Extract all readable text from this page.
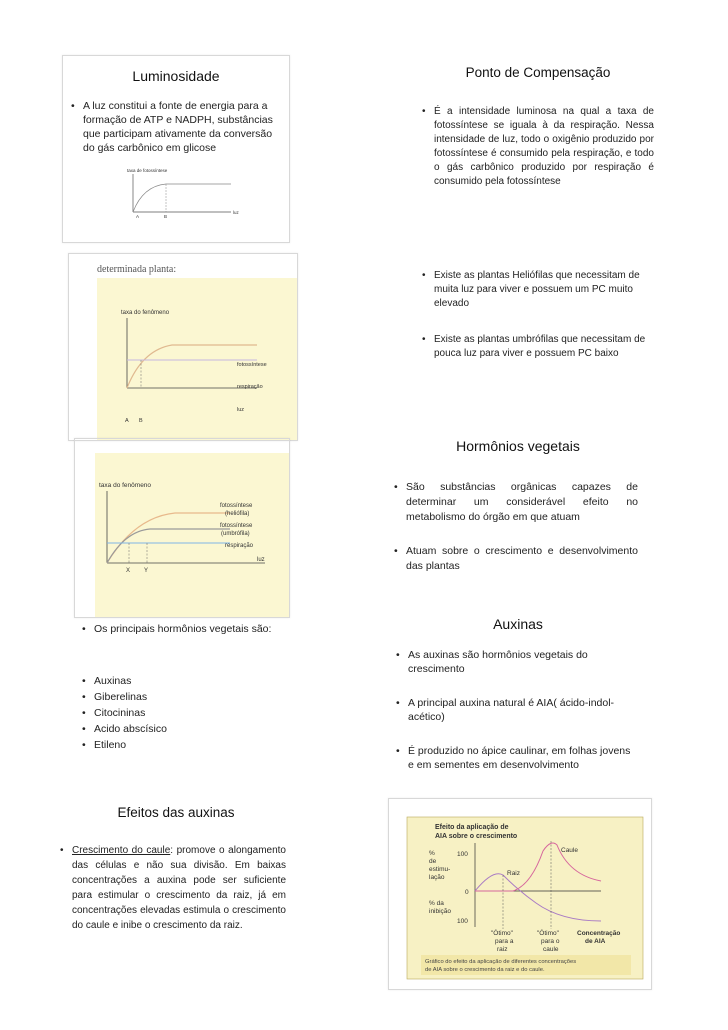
Luminosidade
• A luz constitui a fonte de energia para a formação de ATP e NADPH, substâncias que participam ativamente da conversão do gás carbônico em glicose
taxa de fotossíntese
A	B
luz
Ponto de Compensação
• É a intensidade luminosa na qual a taxa de fotossíntese se iguala à da respiração. Nessa intensidade de luz, todo o oxigênio produzido por fotossíntese é consumido pela respiração, e todo o gás carbônico produzido por respiração é consumido pela fotossíntese
determinada planta:
taxa do fenômeno
fotossíntese
respiração
luz
A B
• Existe as plantas Heliófilas que necessitam de muita luz para viver e possuem um PC muito elevado
• Existe as plantas umbrófilas que necessitam de pouca luz para viver e possuem PC baixo
taxa do fenômeno
fotossíntese
(heliófila)
fotossíntese
(umbrófila)
respiração
luz
X Y
Hormônios vegetais
• São substâncias orgânicas capazes de determinar um considerável efeito no metabolismo do órgão em que atuam
• Atuam sobre o crescimento e desenvolvimento das plantas
• Os principais hormônios vegetais são:
• Auxinas
• Giberelinas
• Citocininas
• Acido abscísico
• Etileno
Auxinas
• As auxinas são hormônios vegetais do crescimento
• A principal auxina natural é AIA( ácido-indol-acético)
• É produzido no ápice caulinar, em folhas jovens e em sementes em desenvolvimento
Efeitos das auxinas
• Crescimento do caule: promove o alongamento das células e não sua divisão. Em baixas concentrações a auxina pode ser suficiente para estimular o crescimento da raiz, já em concentrações elevadas estimula o crescimento do caule e inibe o crescimento da raiz.
Efeito da aplicação de
AIA sobre o crescimento
%
de
estimu-
lação
% da
inibição
100
0
100
Caule
Raiz
"Ótimo"
para a
raiz
"Ótimo"
para o
caule
Concentração
de AIA
Gráfico do efeito da aplicação de diferentes concentrações
de AIA sobre o crescimento da raiz e do caule.
